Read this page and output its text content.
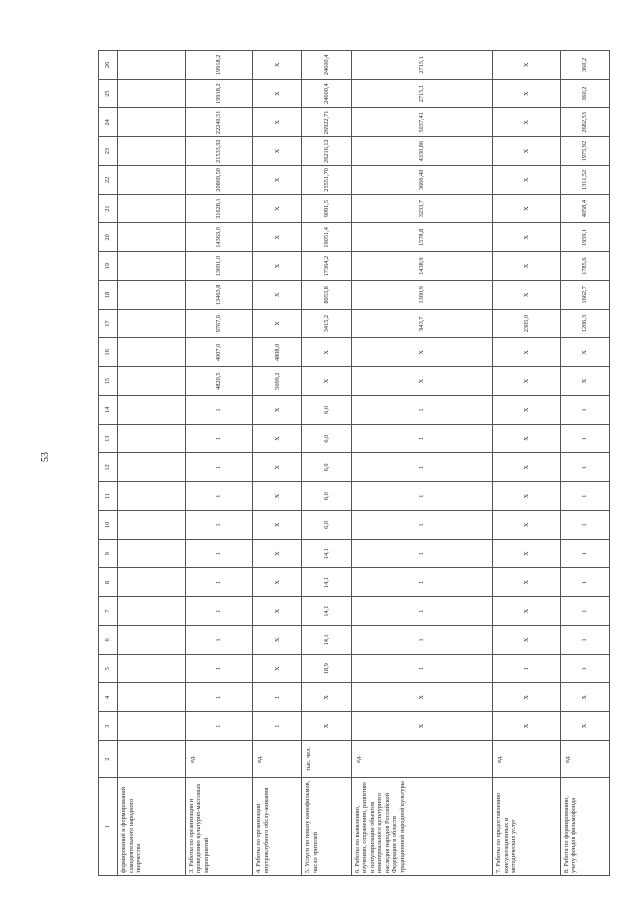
53
1	2	3	4	5	6	7	8	9	10	11	12	13	14	15	16	17	18	19	20	21	22	23	24	25	26
формирований и формирований самодеятельного народного творчества																									
3. Работы по организации и проведению культурно-массовых мероприятий	ед.	1	1	1	1	1	1	1	1	1	1	1	1	4820,5	4007,0	9767,6	13463,8	13691,0	14363,0	31628,1	20869,50	21533,92	22240,51	19918,2	19918,2
4. Работы по организации внутриклубного обслу-живания	ед.	1	1	Х	Х	Х	Х	Х	Х	Х	Х	Х	Х	5699,2	4808,0	Х	Х	Х	Х	Х	Х	Х	Х	Х	Х
5. Услуги по показу кинофильмов, число зрителей	тыс. чел.	Х	Х	18,9	14,1	14,1	14,1	14,1	6,0	6,0	6,0	6,0	6,0	Х	Х	3415,2	8953,8	17364,2	19051,4	9091,5	25551,70	26216,12	26922,71	24600,4	24600,4
6. Работы по выявлению, изучению, сохранению, развитию и популяризации объектов нематериального культурного наследия народов Российской Федерации в области традиционной народной культуры	ед.	Х	Х	1	1	1	1	1	1	1	1	1	1	Х	Х	943,7	1300,9	1438,9	1578,8	3233,7	3666,40	4330,86	5037,41	2715,1	2715,1
7. Работы по предоставлению консультационных и методических услуг	ед.	Х	Х	1	Х	Х	Х	Х	Х	Х	Х	Х	Х	Х	Х	2305,0	Х	Х	Х	Х	Х	Х	Х	Х	Х
8. Работа по формированию, учету фондов фильмофонда	ед.	Х	Х	1	1	1	1	1	1	1	1	1	1	Х	Х	1206,3	1662,7	1785,6	1959,1	4058,4	1311,52	1975,92	2682,53	360,2	360,2
